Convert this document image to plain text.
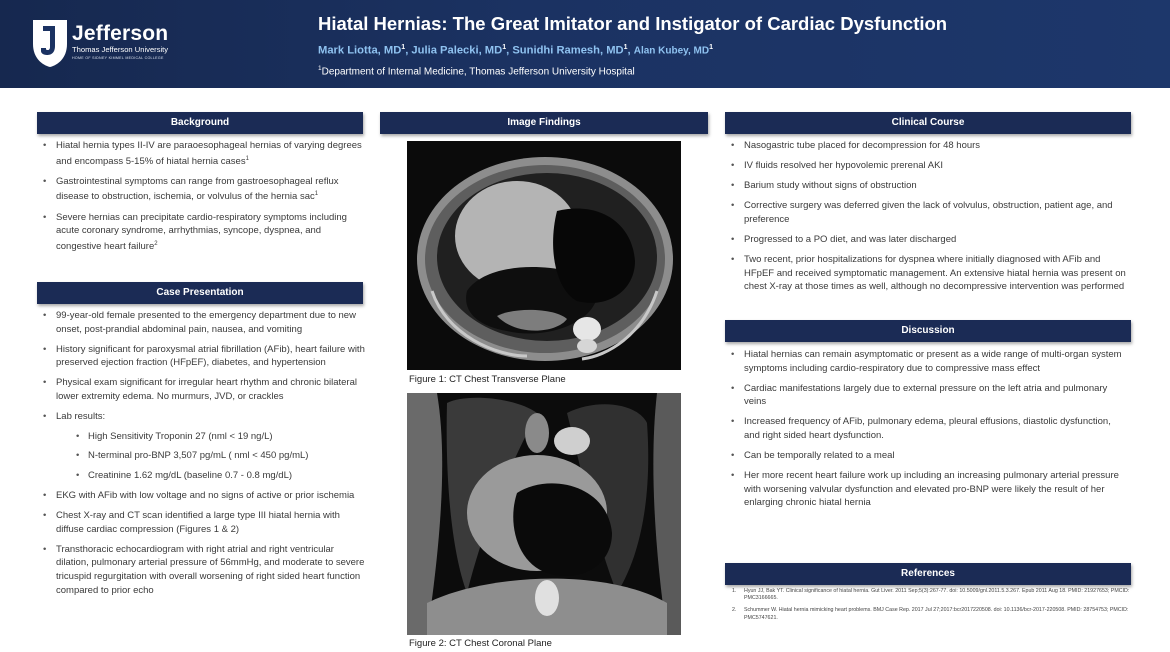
Jefferson
Thomas Jefferson University
HOME OF SIDNEY KIMMEL MEDICAL COLLEGE
Hiatal Hernias: The Great Imitator and Instigator of Cardiac Dysfunction
Mark Liotta, $MD^1$, Julia Palecki, $MD^1$, Sunidhi Ramesh, $MD^1$, Alan Kubey, $MD^1$
$^1$Department of Internal Medicine, Thomas Jefferson University Hospital
Background
• Hiatal hernia types II-IV are paraoesophageal hernias of varying degrees and encompass 5-15% of hiatal hernia cases$^1$
• Gastrointestinal symptoms can range from gastroesophageal reflux disease to obstruction, ischemia, or volvulus of the hernia sac$^1$
• Severe hernias can precipitate cardio-respiratory symptoms including acute coronary syndrome, arrhythmias, syncope, dyspnea, and congestive heart failure$^2$
Case Presentation
• 99-year-old female presented to the emergency department due to new onset, post-prandial abdominal pain, nausea, and vomiting
• History significant for paroxysmal atrial fibrillation (AFib), heart failure with preserved ejection fraction (HFpEF), diabetes, and hypertension
• Physical exam significant for irregular heart rhythm and chronic bilateral lower extremity edema. No murmurs, JVD, or crackles
• Lab results:
• High Sensitivity Troponin 27 (nml < 19 ng/L)
• N-terminal pro-BNP 3,507 pg/mL ( nml < 450 pg/mL)
• Creatinine 1.62 mg/dL (baseline 0.7 - 0.8 mg/dL)
• EKG with AFib with low voltage and no signs of active or prior ischemia
• Chest X-ray and CT scan identified a large type III hiatal hernia with diffuse cardiac compression (Figures 1 & 2)
• Transthoracic echocardiogram with right atrial and right ventricular dilation, pulmonary arterial pressure of 56mmHg, and moderate to severe tricuspid regurgitation with overall worsening of right sided heart function compared to prior echo
Image Findings
Figure 1: CT Chest Transverse Plane
Figure 2: CT Chest Coronal Plane
Clinical Course
• Nasogastric tube placed for decompression for 48 hours
• IV fluids resolved her hypovolemic prerenal AKI
• Barium study without signs of obstruction
• Corrective surgery was deferred given the lack of volvulus, obstruction, patient age, and preference
• Progressed to a PO diet, and was later discharged
• Two recent, prior hospitalizations for dyspnea where initially diagnosed with AFib and HFpEF and received symptomatic management. An extensive hiatal hernia was present on chest X-ray at those times as well, although no decompressive intervention was performed
Discussion
• Hiatal hernias can remain asymptomatic or present as a wide range of multi-organ system symptoms including cardio-respiratory due to compressive mass effect
• Cardiac manifestations largely due to external pressure on the left atria and pulmonary veins
• Increased frequency of AFib, pulmonary edema, pleural effusions, diastolic dysfunction, and right sided heart dysfunction.
• Can be temporally related to a meal
• Her more recent heart failure work up including an increasing pulmonary arterial pressure with worsening valvular dysfunction and elevated pro-BNP were likely the result of her enlarging chronic hiatal hernia
References
1. Hyun JJ, Bak YT. Clinical significance of hiatal hernia. Gut Liver. 2011 Sep;5(3):267-77. doi: 10.5009/gnl.2011.5.3.267. Epub 2011 Aug 18. PMID: 21927653; PMCID: PMC3166665.
2. Schummer W. Hiatal hernia mimicking heart problems. BMJ Case Rep. 2017 Jul 27;2017:bcr2017220508. doi: 10.1136/bcr-2017-220508. PMID: 28754753; PMCID: PMC5747621.
